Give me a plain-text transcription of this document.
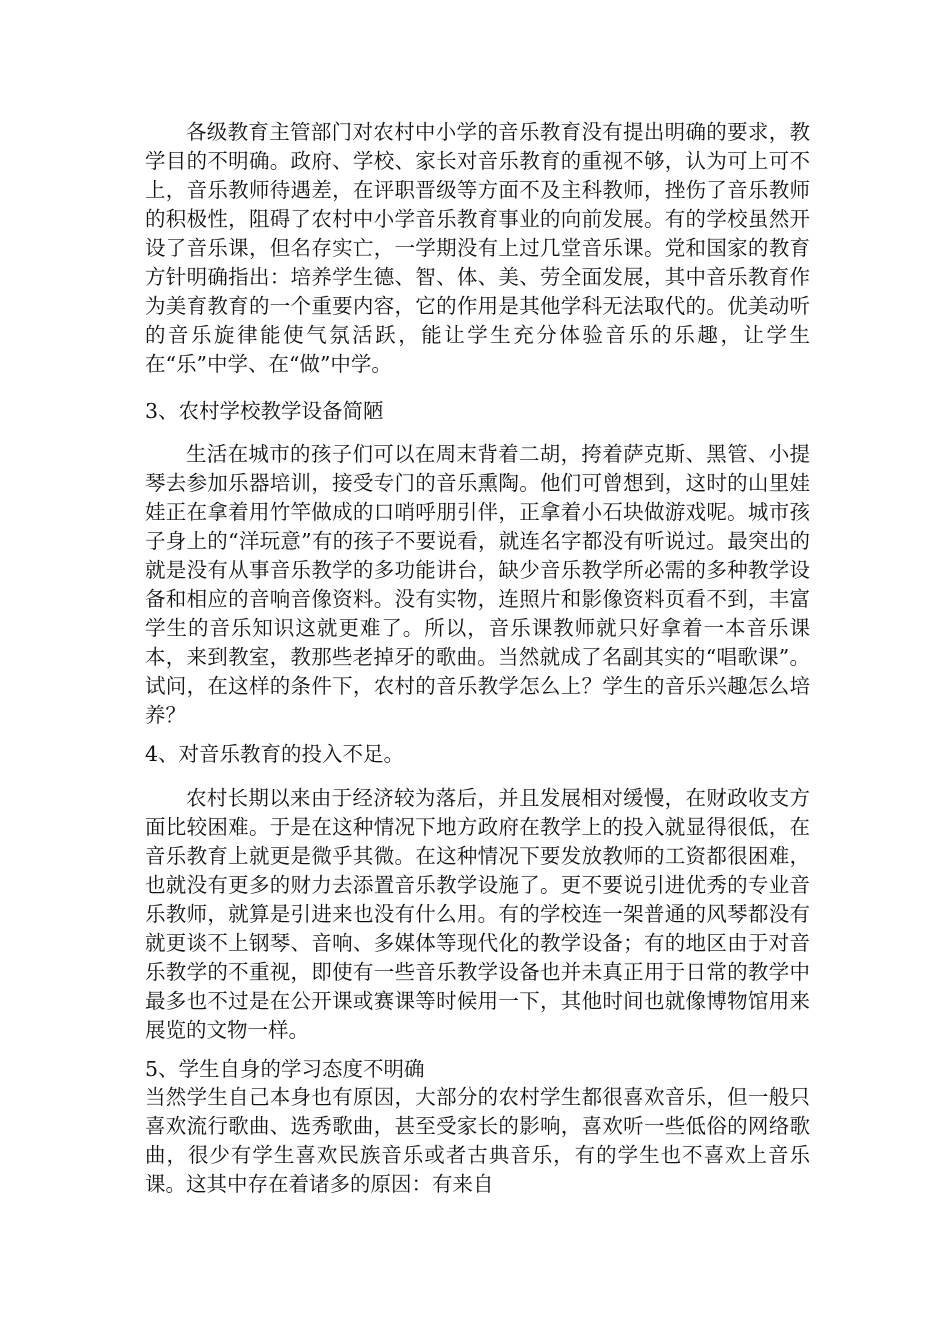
各级教育主管部门对农村中小学的音乐教育没有提出明确的要求，教学目的不明确。政府、学校、家长对音乐教育的重视不够，认为可上可不上，音乐教师待遇差，在评职晋级等方面不及主科教师，挫伤了音乐教师的积极性，阻碍了农村中小学音乐教育事业的向前发展。有的学校虽然开设了音乐课，但名存实亡，一学期没有上过几堂音乐课。党和国家的教育方针明确指出：培养学生德、智、体、美、劳全面发展，其中音乐教育作为美育教育的一个重要内容，它的作用是其他学科无法取代的。优美动听的音乐旋律能使气氛活跃，能让学生充分体验音乐的乐趣，让学生在“乐”中学、在“做”中学。

3、农村学校教学设备简陋

生活在城市的孩子们可以在周末背着二胡，挎着萨克斯、黑管、小提琴去参加乐器培训，接受专门的音乐熏陶。他们可曾想到，这时的山里娃娃正在拿着用竹竿做成的口哨呼朋引伴，正拿着小石块做游戏呢。城市孩子身上的“洋玩意”有的孩子不要说看，就连名字都没有听说过。最突出的就是没有从事音乐教学的多功能讲台，缺少音乐教学所必需的多种教学设备和相应的音响音像资料。没有实物，连照片和影像资料页看不到，丰富学生的音乐知识这就更难了。所以，音乐课教师就只好拿着一本音乐课本，来到教室，教那些老掉牙的歌曲。当然就成了名副其实的“唱歌课”。试问，在这样的条件下，农村的音乐教学怎么上？学生的音乐兴趣怎么培养？

4、对音乐教育的投入不足。

农村长期以来由于经济较为落后，并且发展相对缓慢，在财政收支方面比较困难。于是在这种情况下地方政府在教学上的投入就显得很低，在音乐教育上就更是微乎其微。在这种情况下要发放教师的工资都很困难，也就没有更多的财力去添置音乐教学设施了。更不要说引进优秀的专业音乐教师，就算是引进来也没有什么用。有的学校连一架普通的风琴都没有就更谈不上钢琴、音响、多媒体等现代化的教学设备；有的地区由于对音乐教学的不重视，即使有一些音乐教学设备也并未真正用于日常的教学中最多也不过是在公开课或赛课等时候用一下，其他时间也就像博物馆用来展览的文物一样。

5、学生自身的学习态度不明确

当然学生自己本身也有原因，大部分的农村学生都很喜欢音乐，但一般只喜欢流行歌曲、选秀歌曲，甚至受家长的影响，喜欢听一些低俗的网络歌曲，很少有学生喜欢民族音乐或者古典音乐，有的学生也不喜欢上音乐课。这其中存在着诸多的原因：有来自
